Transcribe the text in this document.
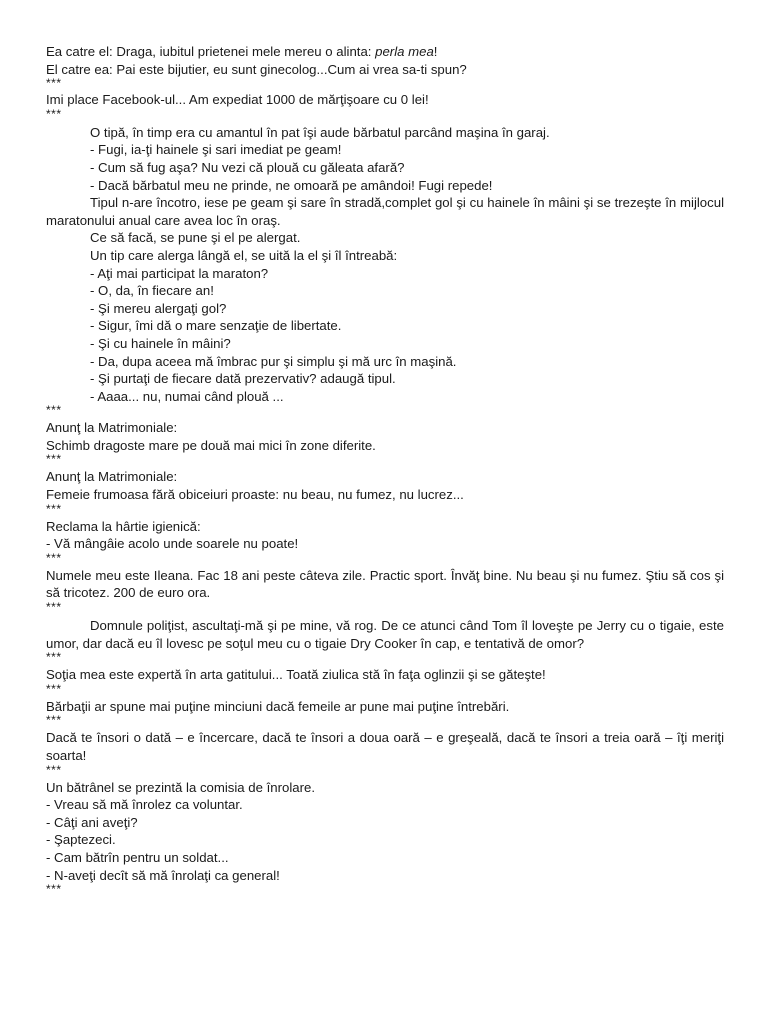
Ea catre el: Draga, iubitul prietenei mele mereu o alinta: perla mea!
El catre ea: Pai este bijutier, eu sunt ginecolog...Cum ai vrea sa-ti spun?
***
Imi place Facebook-ul... Am expediat 1000 de mărţişoare cu 0 lei!
***
O tipă, în timp era cu amantul în pat îşi aude bărbatul parcând maşina în garaj.
- Fugi, ia-ţi hainele şi sari imediat pe geam!
- Cum să fug aşa? Nu vezi că plouă cu găleata afară?
- Dacă bărbatul meu ne prinde, ne omoară pe amândoi! Fugi repede!
Tipul n-are încotro, iese pe geam şi sare în stradă,complet gol şi cu hainele în mâini şi se trezeşte în mijlocul maratonului anual care avea loc în oraş.
Ce să facă, se pune şi el pe alergat.
Un tip care alerga lângă el, se uită la el şi îl întreabă:
- Aţi mai participat la maraton?
- O, da, în fiecare an!
- Şi mereu alergaţi gol?
- Sigur, îmi dă o mare senzaţie de libertate.
- Şi cu hainele în mâini?
- Da, dupa aceea mă îmbrac pur şi simplu şi mă urc în maşină.
- Şi purtaţi de fiecare dată prezervativ? adaugă tipul.
- Aaaa... nu, numai când plouă ...
***
Anunţ la Matrimoniale:
Schimb dragoste mare pe două mai mici în zone diferite.
***
Anunţ la Matrimoniale:
Femeie frumoasa fără obiceiuri proaste: nu beau, nu fumez, nu lucrez...
***
Reclama la hârtie igienică:
- Vă mângâie acolo unde soarele nu poate!
***
Numele meu este Ileana. Fac 18 ani peste câteva zile. Practic sport. Învăţ bine. Nu beau şi nu fumez. Ştiu să cos şi să tricotez. 200 de euro ora.
***
Domnule poliţist, ascultaţi-mă şi pe mine, vă rog. De ce atunci când Tom îl loveşte pe Jerry cu o tigaie, este umor, dar dacă eu îl lovesc pe soţul meu cu o tigaie Dry Cooker în cap, e tentativă de omor?
***
Soţia mea este expertă în arta gatitului... Toată ziulica stă în faţa oglinzii şi se găteşte!
***
Bărbaţii ar spune mai puţine minciuni dacă femeile ar pune mai puţine întrebări.
***
Dacă te însori o dată – e încercare, dacă te însori a doua oară – e greşeală, dacă te însori a treia oară – îţi meriţi soarta!
***
Un bătrânel se prezintă la comisia de înrolare.
- Vreau să mă înrolez ca voluntar.
- Câţi ani aveţi?
- Şaptezeci.
- Cam bătrîn pentru un soldat...
- N-aveţi decît să mă înrolaţi ca general!
***
